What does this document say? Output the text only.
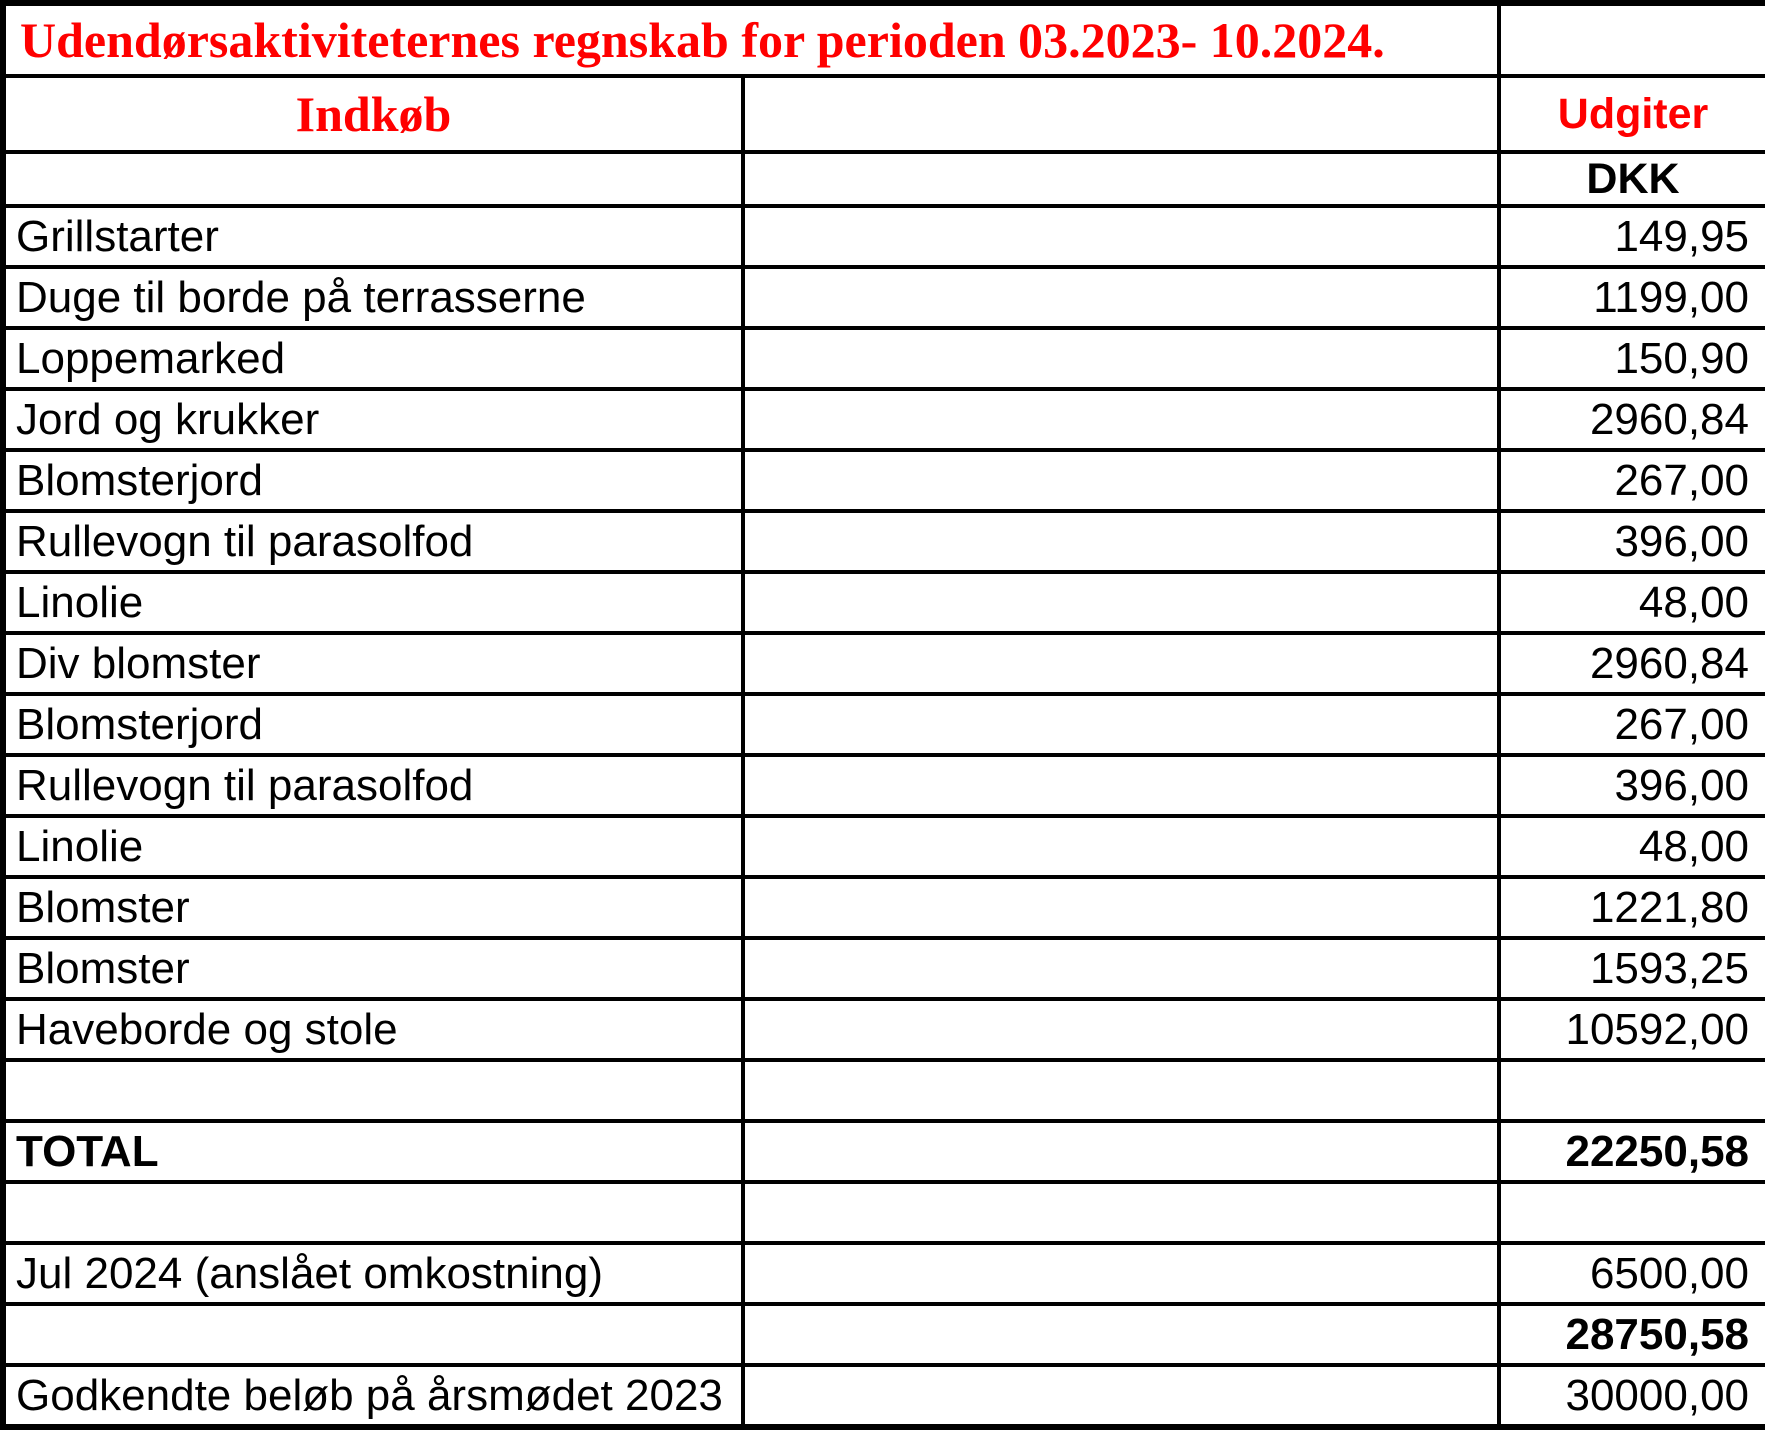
Udendørsaktiviteternes regnskab for perioden 03.2023- 10.2024.		
Indkøb		Udgiter
		DKK
Grillstarter		149,95
Duge til borde på terrasserne		1199,00
Loppemarked		150,90
Jord og krukker		2960,84
Blomsterjord		267,00
Rullevogn til parasolfod		396,00
Linolie		48,00
Div blomster		2960,84
Blomsterjord		267,00
Rullevogn til parasolfod		396,00
Linolie		48,00
Blomster		1221,80
Blomster		1593,25
Haveborde og stole		10592,00

TOTAL		22250,58

Jul 2024 (anslået omkostning)		6500,00
		28750,58
Godkendte beløb på årsmødet 2023		30000,00
